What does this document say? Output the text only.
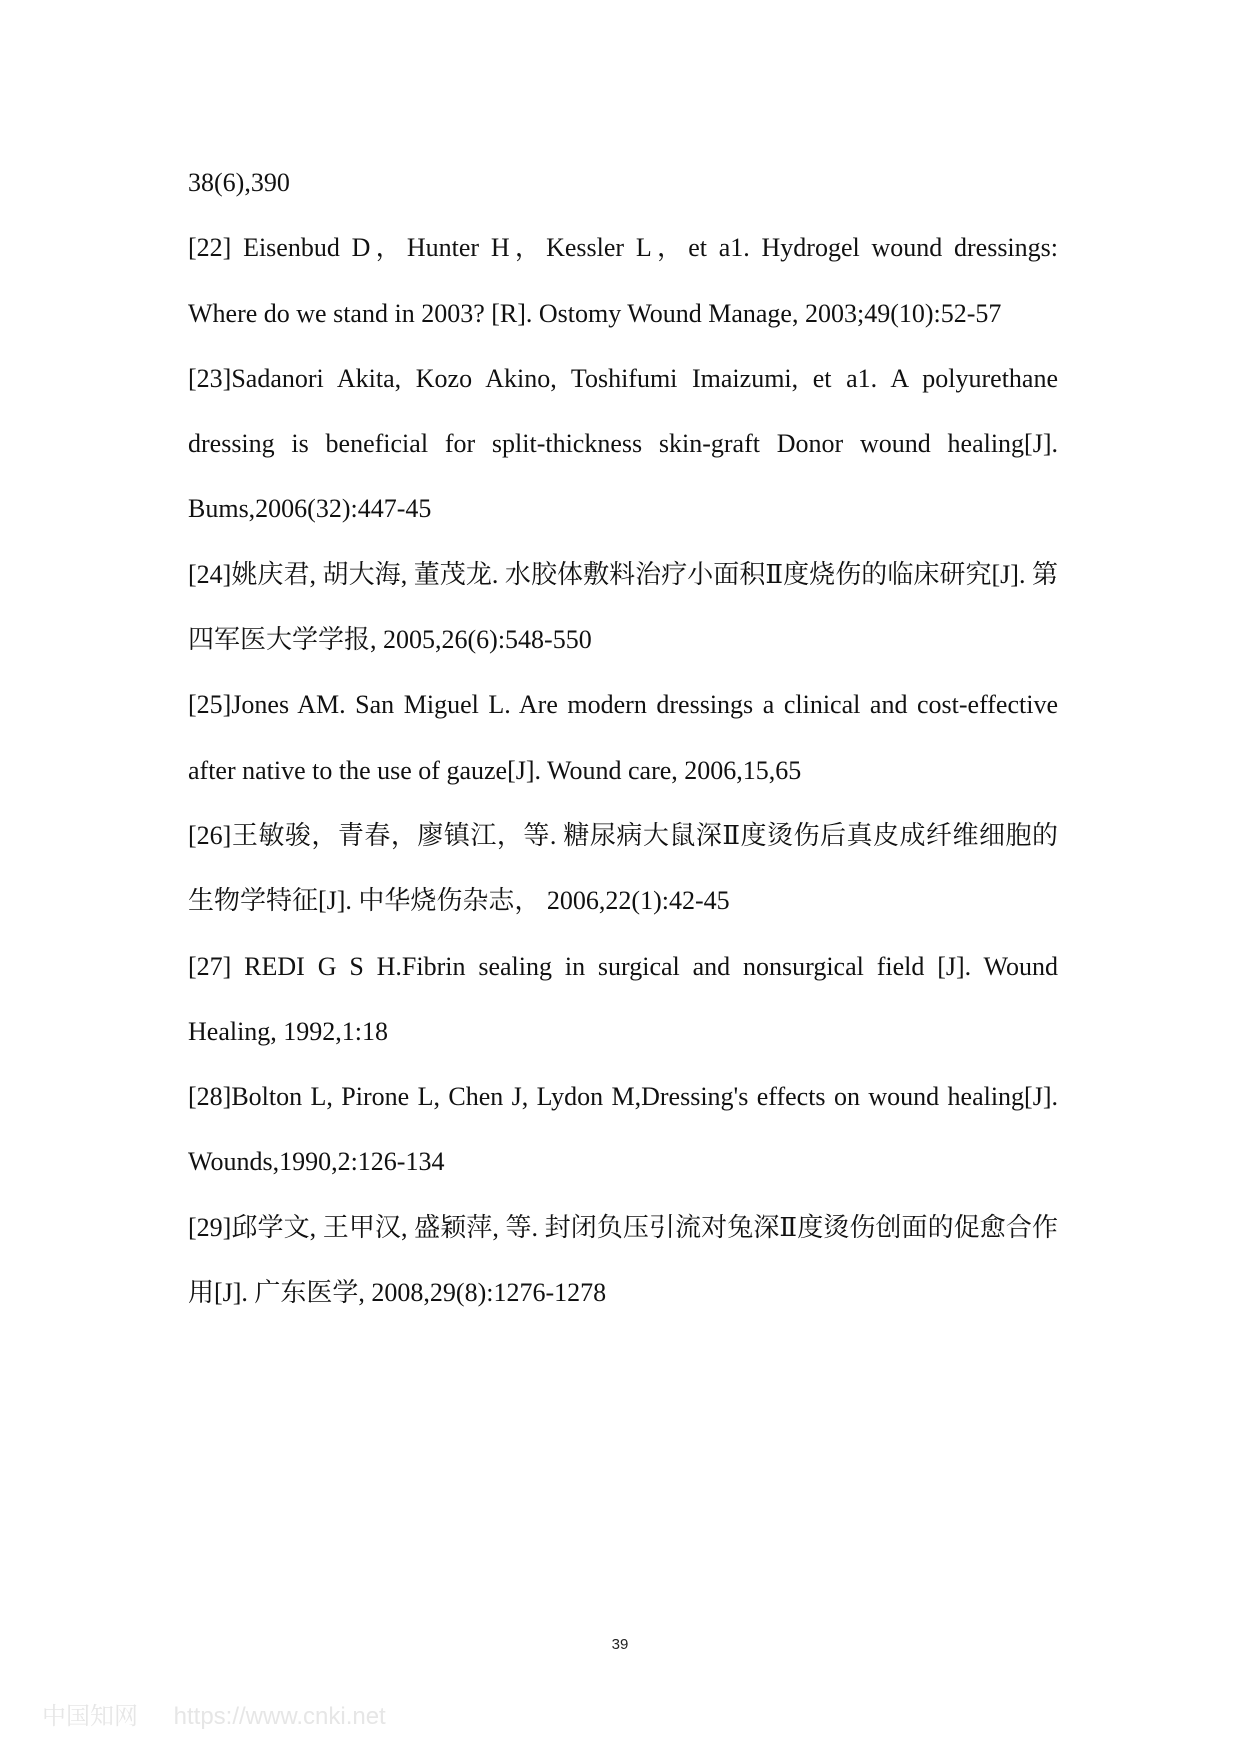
38(6),390

[22] Eisenbud D，Hunter H，Kessler L，et a1. Hydrogel wound dressings: Where do we stand in 2003? [R]. Ostomy Wound Manage, 2003;49(10):52-57

[23]Sadanori Akita, Kozo Akino, Toshifumi Imaizumi, et a1. A polyurethane dressing is beneficial for split-thickness skin-graft Donor wound healing[J]. Bums,2006(32):447-45

[24]姚庆君, 胡大海, 董茂龙. 水胶体敷料治疗小面积Ⅱ度烧伤的临床研究[J]. 第四军医大学学报, 2005,26(6):548-550

[25]Jones AM. San Miguel L. Are modern dressings a clinical and cost-effective after native to the use of gauze[J]. Wound care, 2006,15,65

[26]王敏骏，青春，廖镇江，等. 糖尿病大鼠深Ⅱ度烫伤后真皮成纤维细胞的生物学特征[J]. 中华烧伤杂志， 2006,22(1):42-45

[27] REDI G S H.Fibrin sealing in surgical and nonsurgical field [J]. Wound Healing, 1992,1:18

[28]Bolton L, Pirone L, Chen J, Lydon M,Dressing's effects on wound healing[J]. Wounds,1990,2:126-134

[29]邱学文, 王甲汉, 盛颖萍, 等. 封闭负压引流对兔深Ⅱ度烫伤创面的促愈合作用[J]. 广东医学, 2008,29(8):1276-1278

39
中国知网 https://www.cnki.net
